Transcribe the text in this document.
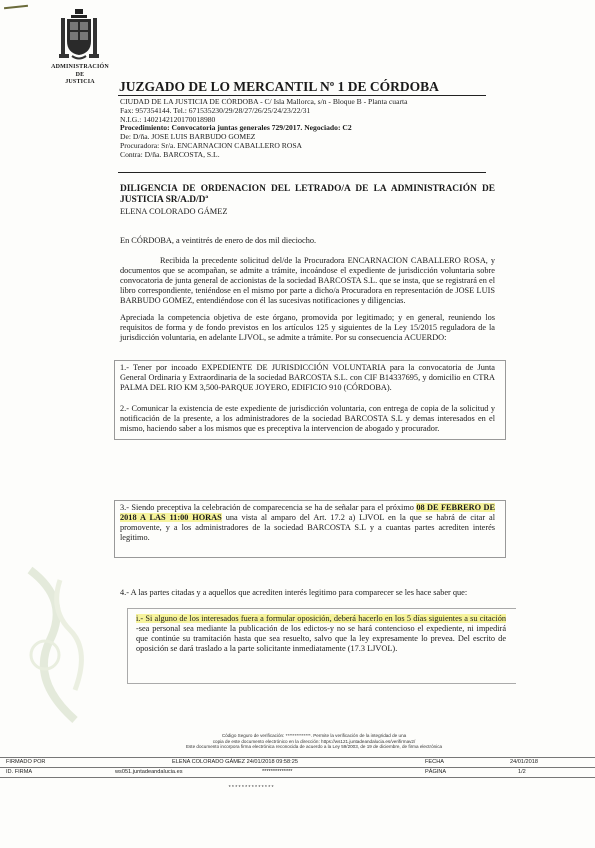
ADMINISTRACIÓN
DE
JUSTICIA	JUZGADO DE LO MERCANTIL Nº 1 DE CÓRDOBA
CIUDAD DE LA JUSTICIA DE CÓRDOBA - C/ Isla Mallorca, s/n - Bloque B - Planta cuarta
Fax: 957354144. Tel.: 671535230/29/28/27/26/25/24/23/22/31
N.I.G.: 1402142120170018980
Procedimiento: Convocatoria juntas generales 729/2017. Negociado: C2
De: D/ña. JOSE LUIS BARBUDO GOMEZ
Procuradora: Sr/a. ENCARNACION CABALLERO ROSA
Contra: D/ña. BARCOSTA, S.L.
DILIGENCIA DE ORDENACION DEL LETRADO/A DE LA ADMINISTRACIÓN DE JUSTICIA SR/A.D/Dª
ELENA COLORADO GÁMEZ
En CÓRDOBA, a veintitrés de enero de dos mil dieciocho.
Recibida la precedente solicitud del/de la Procuradora ENCARNACION CABALLERO ROSA, y documentos que se acompañan, se admite a trámite, incoándose el expediente de jurisdicción voluntaria sobre convocatoria de junta general de accionistas de la sociedad BARCOSTA S.L. que se insta, que se registrará en el libro correspondiente, teniéndose en el mismo por parte a dicho/a Procuradora en representación de JOSE LUIS BARBUDO GOMEZ, entendiéndose con él las sucesivas notificaciones y diligencias.
Apreciada la competencia objetiva de este órgano, promovida por legitimado; y en general, reuniendo los requisitos de forma y de fondo previstos en los artículos 125 y siguientes de la Ley 15/2015 reguladora de la jurisdicción voluntaria, en adelante LJVOL, se admite a trámite. Por su consecuencia ACUERDO:
1.- Tener por incoado EXPEDIENTE DE JURISDICCIÓN VOLUNTARIA para la convocatoria de Junta General Ordinaria y Extraordinaria de la sociedad BARCOSTA S.L. con CIF B14337695, y domicilio en CTRA PALMA DEL RIO KM 3,500-PARQUE JOYERO, EDIFICIO 910 (CÓRDOBA).
2.- Comunicar la existencia de este expediente de jurisdicción voluntaria, con entrega de copia de la solicitud y notificación de la presente, a los administradores de la sociedad BARCOSTA S.L y demas interesados en el mismo, haciendo saber a los mismos que es preceptiva la intervencion de abogado y procurador.
3.- Siendo preceptiva la celebración de comparecencia se ha de señalar para el próximo 08 DE FEBRERO DE 2018 A LAS 11:00 HORAS una vista al amparo del Art. 17.2 a) LJVOL en la que se habrá de citar al promovente, y a los administradores de la sociedad BARCOSTA S.L y a cuantas partes acrediten interés legitimo.
4.- A las partes citadas y a aquellos que acrediten interés legitimo para comparecer se les hace saber que:
i.- Si alguno de los interesados fuera a formular oposición, deberá hacerlo en los 5 días siguientes a su citación -sea personal sea mediante la publicación de los edictos-y no se hará contencioso el expediente, ni impedirá que continúe su tramitación hasta que sea resuelto, salvo que la ley expresamente lo prevea. Del escrito de oposición se dará traslado a la parte solicitante inmediatamente (17.3 LJVOL).
Código Seguro de verificación: **************. Permite la verificación de la integridad de una
copia de este documento electrónico en la dirección: https://ws121.juntadeandalucia.es/verifirmav2/
Este documento incorpora firma electrónica reconocida de acuerdo a la Ley 59/2003, de 19 de diciembre, de firma electrónica
FIRMADO POR	ELENA COLORADO GÁMEZ 24/01/2018 09:58:25	FECHA	24/01/2018
ID. FIRMA	ws051.juntadeandalucia.es	**************	PÁGINA	1/2
**************
